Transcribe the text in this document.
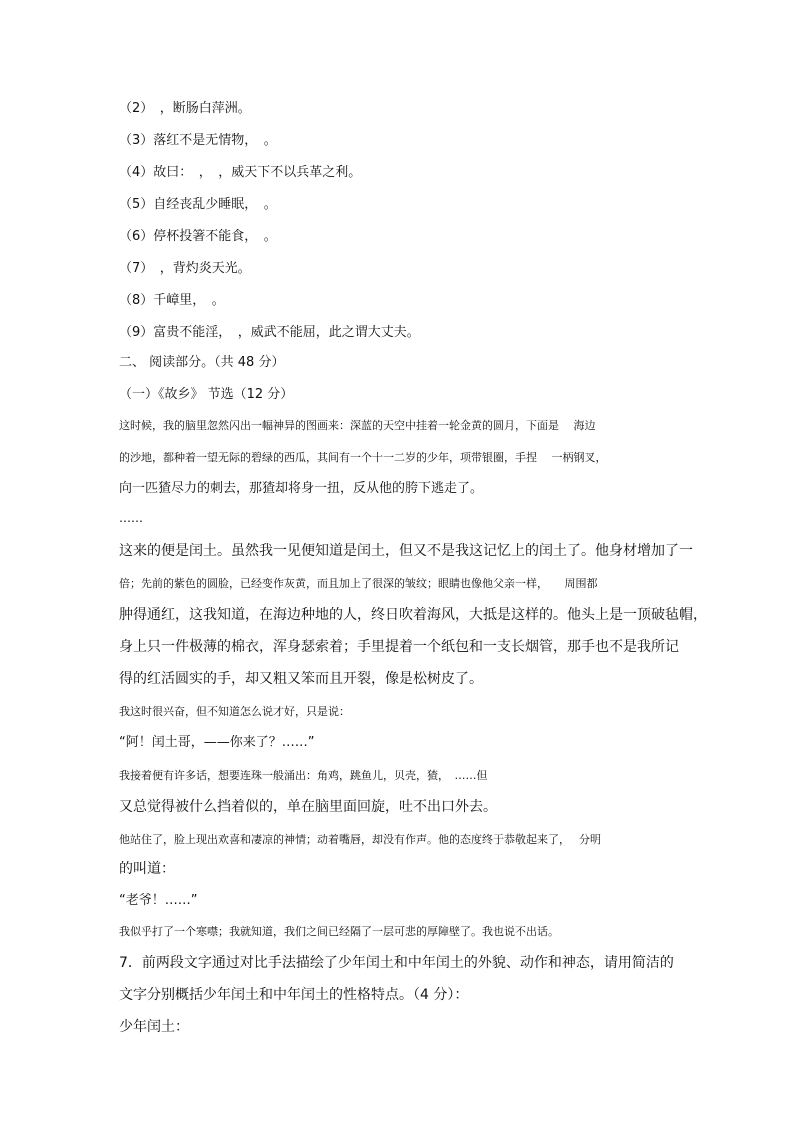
（2）　，断肠白萍洲。
（3）落红不是无情物，　。
（4）故曰：　，　，威天下不以兵革之利。
（5）自经丧乱少睡眠，　。
（6）停杯投箸不能食，　。
（7）　，背灼炎天光。
（8）千嶂里，　。
（9）富贵不能淫，　，威武不能屈，此之谓大丈夫。
二、 阅读部分。（共 48 分）
（一）《故乡》 节选（12 分）
这时候，我的脑里忽然闪出一幅神异的图画来：深蓝的天空中挂着一轮金黄的圆月，下面是　 海边
的沙地，都种着一望无际的碧绿的西瓜，其间有一个十一二岁的少年，项带银圈，手捏　 一柄钢叉，
向一匹猹尽力的刺去，那猹却将身一扭，反从他的胯下逃走了。
……
这来的便是闰土。虽然我一见便知道是闰土，但又不是我这记忆上的闰土了。他身材增加了一
倍；先前的紫色的圆脸，已经变作灰黄，而且加上了很深的皱纹；眼睛也像他父亲一样，　　周围都
肿得通红，这我知道，在海边种地的人，终日吹着海风，大抵是这样的。他头上是一顶破毡帽，
身上只一件极薄的棉衣，浑身瑟索着；手里提着一个纸包和一支长烟管，那手也不是我所记
得的红活圆实的手，却又粗又笨而且开裂，像是松树皮了。
我这时很兴奋，但不知道怎么说才好，只是说：
“阿！闰土哥，——你来了？……”
我接着便有许多话，想要连珠一般涌出：角鸡，跳鱼儿，贝壳，猹，　……但
又总觉得被什么挡着似的，单在脑里面回旋，吐不出口外去。
他站住了，脸上现出欢喜和凄凉的神情；动着嘴唇，却没有作声。他的态度终于恭敬起来了，　 分明
的叫道：
“老爷！……”
我似乎打了一个寒噤；我就知道，我们之间已经隔了一层可悲的厚障壁了。我也说不出话。
7．前两段文字通过对比手法描绘了少年闰土和中年闰土的外貌、动作和神态，请用简洁的
文字分别概括少年闰土和中年闰土的性格特点。（4 分）：
少年闰土：
